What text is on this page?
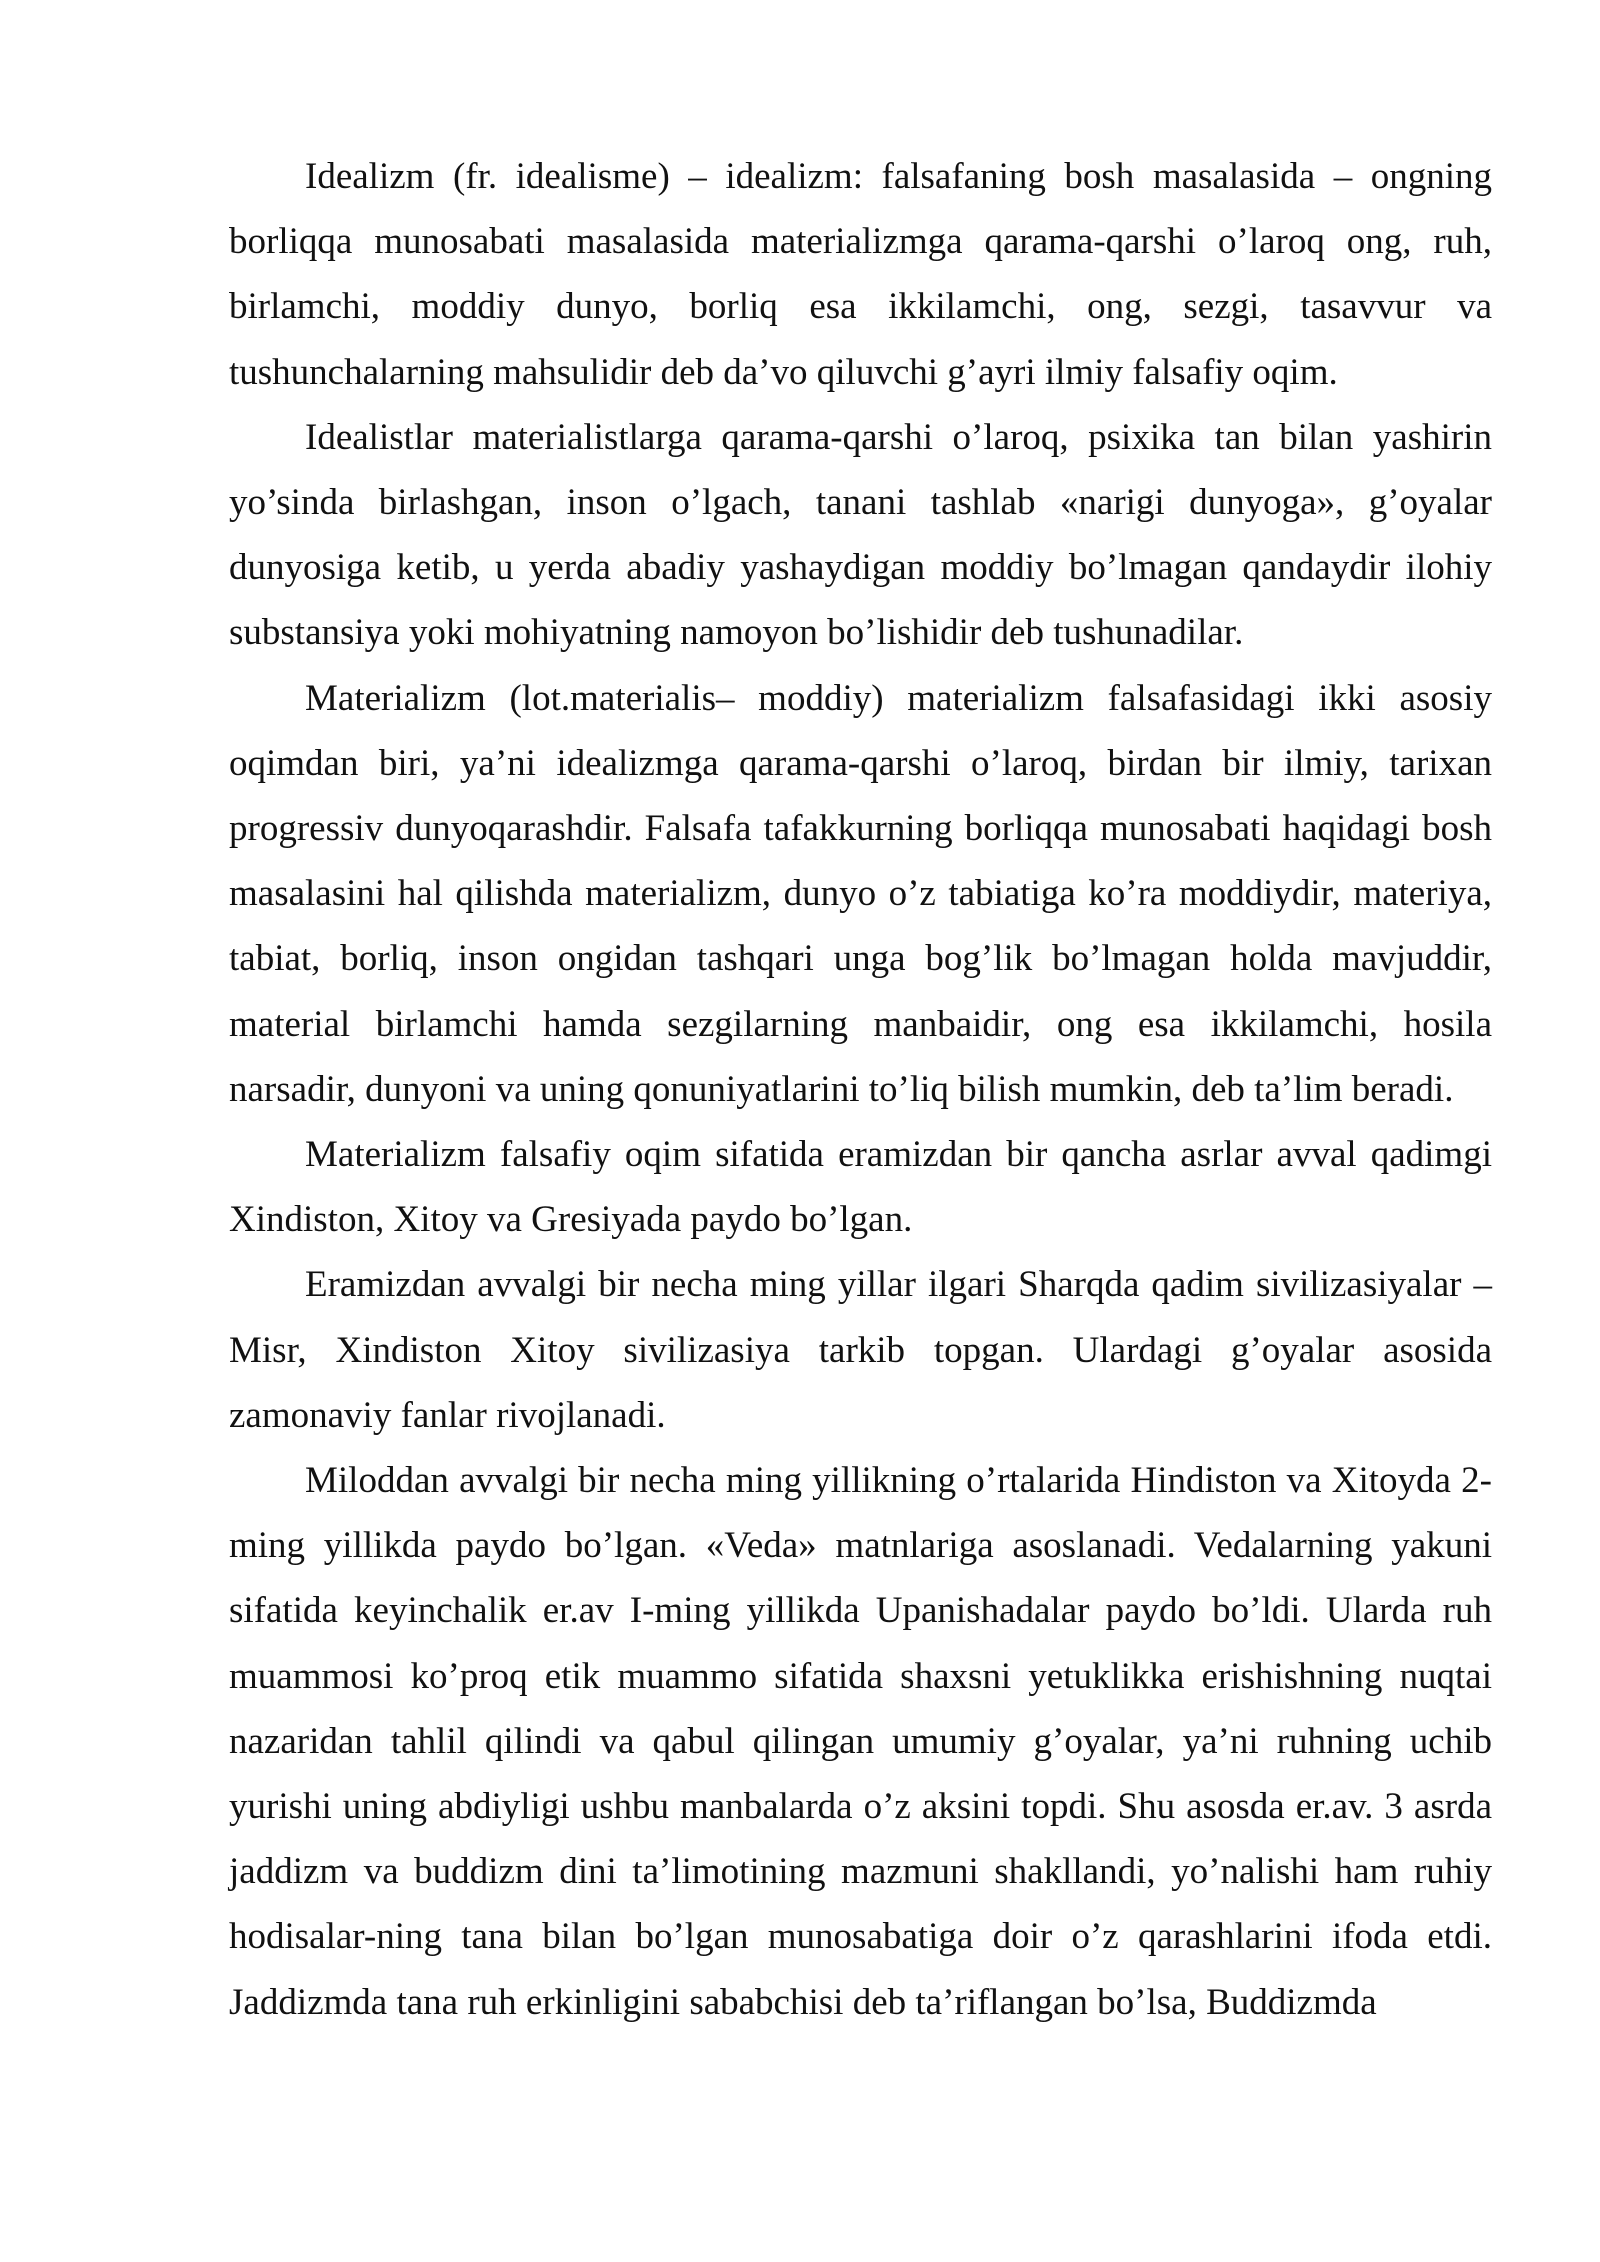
Idealizm (fr. idealisme) – idealizm: falsafaning bosh masalasida – ongning borliqqa munosabati masalasida materializmga qarama-qarshi o’laroq ong, ruh, birlamchi, moddiy dunyo, borliq esa ikkilamchi, ong, sezgi, tasavvur va tushunchalarning mahsulidir deb da’vo qiluvchi g’ayri ilmiy falsafiy oqim.

Idealistlar materialistlarga qarama-qarshi o’laroq, psixika tan bilan yashirin yo’sinda birlashgan, inson o’lgach, tanani tashlab «narigi dunyoga», g’oyalar dunyosiga ketib, u yerda abadiy yashaydigan moddiy bo’lmagan qandaydir ilohiy substansiya yoki mohiyatning namoyon bo’lishidir deb tushunadilar.

Materializm (lot.materialis– moddiy) materializm falsafasidagi ikki asosiy oqimdan biri, ya’ni idealizmga qarama-qarshi o’laroq, birdan bir ilmiy, tarixan progressiv dunyoqarashdir. Falsafa tafakkurning borliqqa munosabati haqidagi bosh masalasini hal qilishda materializm, dunyo o’z tabiatiga ko’ra moddiydir, materiya, tabiat, borliq, inson ongidan tashqari unga bog’lik bo’lmagan holda mavjuddir, material birlamchi hamda sezgilarning manbaidir, ong esa ikkilamchi, hosila narsadir, dunyoni va uning qonuniyatlarini to’liq bilish mumkin, deb ta’lim beradi.

Materializm falsafiy oqim sifatida eramizdan bir qancha asrlar avval qadimgi Xindiston, Xitoy va Gresiyada paydo bo’lgan.

Eramizdan avvalgi bir necha ming yillar ilgari Sharqda qadim sivilizasiyalar – Misr, Xindiston Xitoy sivilizasiya tarkib topgan. Ulardagi g’oyalar asosida zamonaviy fanlar rivojlanadi.

Miloddan avvalgi bir necha ming yillikning o’rtalarida Hindiston va Xitoyda 2-ming yillikda paydo bo’lgan. «Veda» matnlariga asoslanadi. Vedalarning yakuni sifatida keyinchalik er.av I-ming yillikda Upanishadalar paydo bo’ldi. Ularda ruh muammosi ko’proq etik muammo sifatida shaxsni yetuklikka erishishning nuqtai nazaridan tahlil qilindi va qabul qilingan umumiy g’oyalar, ya’ni ruhning uchib yurishi uning abdiyligi ushbu manbalarda o’z aksini topdi. Shu asosda er.av. 3 asrda jaddizm va buddizm dini ta’limotining mazmuni shakllandi, yo’nalishi ham ruhiy hodisalar-ning tana bilan bo’lgan munosabatiga doir o’z qarashlarini ifoda etdi. Jaddizmda tana ruh erkinligini sababchisi deb ta’riflangan bo’lsa, Buddizmda
